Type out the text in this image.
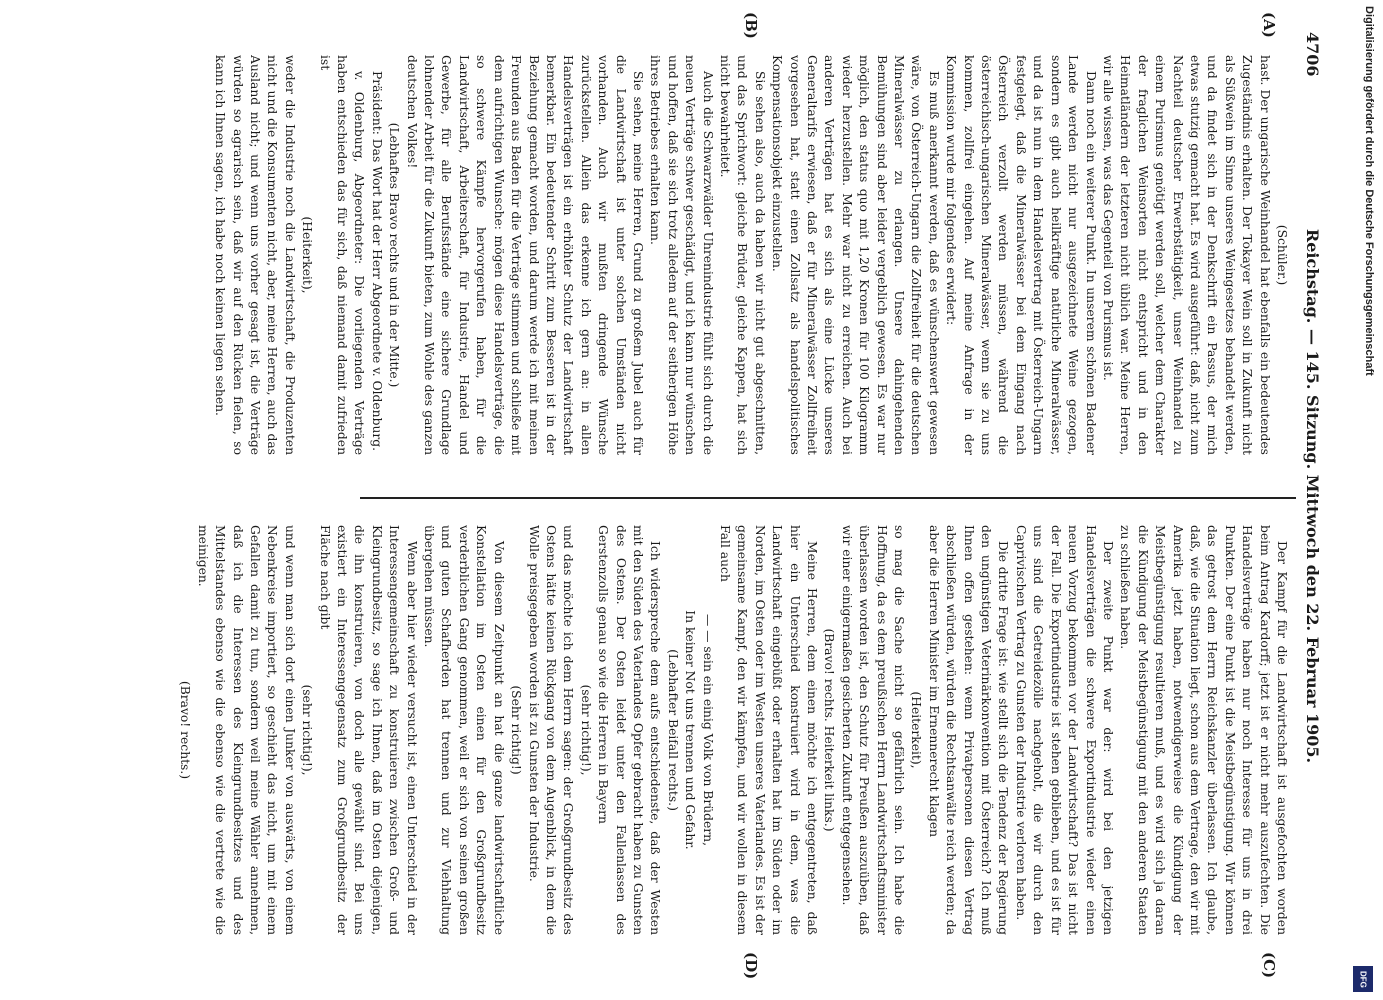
4706
Reichstag. — 145. Sitzung. Mittwoch den 22. Februar 1905.
(A)
(B)
(C)
(D)

(Schüler.)

hast. Der ungarische Weinhandel hat ebenfalls ein bedeutendes Zugeständnis erhalten. Der Tokayer Wein soll in Zukunft nicht als Süßwein im Sinne unseres Weingesetzes behandelt werden, und da findet sich in der Denkschrift ein Passus, der mich etwas stutzig gemacht hat. Es wird ausgeführt: daß, nicht zum Nachteil deutscher Erwerbstätigkeit, unser Weinhandel zu einem Purismus genötigt werden soll, welcher dem Charakter der fraglichen Weinsorten nicht entspricht und in den Heimatländern der letzteren nicht üblich war. Meine Herren, wir alle wissen, was das Gegenteil von Purismus ist.

Dann noch ein weiterer Punkt. In unserem schönen Badener Lande werden nicht nur ausgezeichnete Weine gezogen, sondern es gibt auch heilkräftige natürliche Mineralwässer, und da ist nun in dem Handelsvertrag mit Österreich-Ungarn festgelegt, daß die Mineralwässer bei dem Eingang nach Österreich verzollt werden müssen, während die österreichisch-ungarischen Mineralwässer, wenn sie zu uns kommen, zollfrei eingehen. Auf meine Anfrage in der Kommission wurde mir folgendes erwidert:

Es muß anerkannt werden, daß es wünschenswert gewesen wäre, von Österreich-Ungarn die Zollfreiheit für die deutschen Mineralwässer zu erlangen. Unsere dahingehenden Bemühungen sind aber leider vergeblich gewesen. Es war nur möglich, den status quo mit 1,20 Kronen für 100 Kilogramm wieder herzustellen. Mehr war nicht zu erreichen. Auch bei anderen Verträgen hat es sich als eine Lücke unseres Generaltarifs erwiesen, daß er für Mineralwässer Zollfreiheit vorgesehen hat, statt einen Zollsatz als handelspolitisches Kompensationsobjekt einzustellen.

Sie sehen also, auch da haben wir nicht gut abgeschnitten, und das Sprichwort: gleiche Brüder, gleiche Kappen, hat sich nicht bewahrheitet.

Auch die Schwarzwälder Uhrenindustrie fühlt sich durch die neuen Verträge schwer geschädigt, und ich kann nur wünschen und hoffen, daß sie sich trotz alledem auf der seitherigen Höhe ihres Betriebes erhalten kann.

Sie sehen, meine Herren, Grund zu großem Jubel auch für die Landwirtschaft ist unter solchen Umständen nicht vorhanden. Auch wir mußten dringende Wünsche zurückstellen. Allein das erkenne ich gern an: in allen Handelsverträgen ist ein erhöhter Schutz der Landwirtschaft bemerkbar. Ein bedeutender Schritt zum Besseren ist in der Beziehung gemacht worden, und darum werde ich mit meinen Freunden aus Baden für die Verträge stimmen und schließe mit dem aufrichtigen Wunsche: mögen diese Handelsverträge, die so schwere Kämpfe hervorgerufen haben, für die Landwirtschaft, Arbeiterschaft, für Industrie, Handel und Gewerbe, für alle Berufsstände eine sichere Grundlage lohnender Arbeit für die Zukunft bieten, zum Wohle des ganzen deutschen Volkes!

(Lebhaftes Bravo rechts und in der Mitte.)

Präsident: Das Wort hat der Herr Abgeordnete v. Oldenburg.

v. Oldenburg, Abgeordneter: Die vorliegenden Verträge haben entschieden das für sich, daß niemand damit zufrieden ist

(Heiterkeit),

weder die Industrie noch die Landwirtschaft, die Produzenten nicht und die Konsumenten nicht, aber, meine Herren, auch das Ausland nicht; und wenn uns vorher gesagt ist, die Verträge würden so agrarisch sein, daß wir auf den Rücken fielen, so kann ich Ihnen sagen, ich habe noch keinen liegen sehen.

Der Kampf für die Landwirtschaft ist ausgefochten worden beim Antrag Kardorff; jetzt ist er nicht mehr auszufechten. Die Handelsverträge haben nur noch Interesse für uns in drei Punkten. Der eine Punkt ist die Meistbegünstigung. Wir können das getrost dem Herrn Reichskanzler überlassen. Ich glaube, daß, wie die Situation liegt, schon aus dem Vertrage, den wir mit Amerika jetzt haben, notwendigerweise die Kündigung der Meistbegünstigung resultieren muß, und es wird sich ja daran die Kündigung der Meistbegünstigung mit den anderen Staaten zu schließen haben.

Der zweite Punkt war der: wird bei den jetzigen Handelsverträgen die schwere Exportindustrie wieder einen neuen Vorzug bekommen vor der Landwirtschaft? Das ist nicht der Fall. Die Exportindustrie ist stehen geblieben, und es ist für uns sind die Getreidezölle nachgeholt, die wir durch den Caprivischen Vertrag zu Gunsten der Industrie verloren haben.

Die dritte Frage ist: wie stellt sich die Tendenz der Regierung den ungünstigen Veterinärkonvention mit Österreich? Ich muß Ihnen offen gestehen: wenn Privatpersonen diesen Vertrag abschließen würden, würden die Rechtsanwälte reich werden; da aber die Herren Minister im Ernennerecht klagen

(Heiterkeit),

so mag die Sache nicht so gefährlich sein. Ich habe die Hoffnung, da es dem preußischen Herrn Landwirtschaftsminister überlassen worden ist, den Schutz für Preußen auszuüben, daß wir einer einigermaßen gesicherten Zukunft entgegensehen.

(Bravo! rechts. Heiterkeit links.)

Meine Herren, dem einen möchte ich entgegentreten, daß hier ein Unterschied konstruiert wird in dem, was die Landwirtschaft eingebüßt oder erhalten hat im Süden oder im Norden, im Osten oder im Westen unseres Vaterlandes. Es ist der gemeinsame Kampf, den wir kämpfen, und wir wollen in diesem Fall auch

— — sein ein einig Volk von Brüdern,

In keiner Not uns trennen und Gefahr.

(Lebhafter Beifall rechts.)

Ich widerspreche dem aufs entschiedenste, daß der Westen mit den Süden des Vaterlandes Opfer gebracht haben zu Gunsten des Ostens. Der Osten leidet unter den Fallenlassen des Gerstenzolls genau so wie die Herren in Bayern

(sehr richtig!),

und das möchte ich dem Herrn sagen: der Großgrundbesitz des Ostens hätte keinen Rückgang von dem Augenblick, in dem die Wolle preisgegeben worden ist zu Gunsten der Industrie.

(Sehr richtig!)

Von diesem Zeitpunkt an hat die ganze landwirtschaftliche Konstellation im Osten einen für den Großgrundbesitz verderblichen Gang genommen, weil er sich von seinen großen und guten Schafherden hat trennen und zur Viehhaltung übergehen müssen.

Wenn aber hier wieder versucht ist, einen Unterschied in der Interessengemeinschaft zu konstruieren zwischen Groß- und Kleingrundbesitz, so sage ich Ihnen, daß im Osten diejenigen, die ihn konstruieren, von doch alle gewählt sind. Bei uns existiert ein Interessengegensatz zum Großgrundbesitz der Fläche nach gibt

(sehr richtig!),

und wenn man sich dort einen Junker von auswärts, von einem Nebenkreise importiert, so geschieht das nicht, um mit einem Gefallen damit zu tun, sondern weil meine Wähler annehmen, daß ich die Interessen des Kleingrundbesitzes und des Mittelstandes ebenso wie die ebenso wie die vertrete wie die meinigen.

(Bravo! rechts.)

Digitalisierung gefördert durch die Deutsche Forschungsgemeinschaft
DFG
